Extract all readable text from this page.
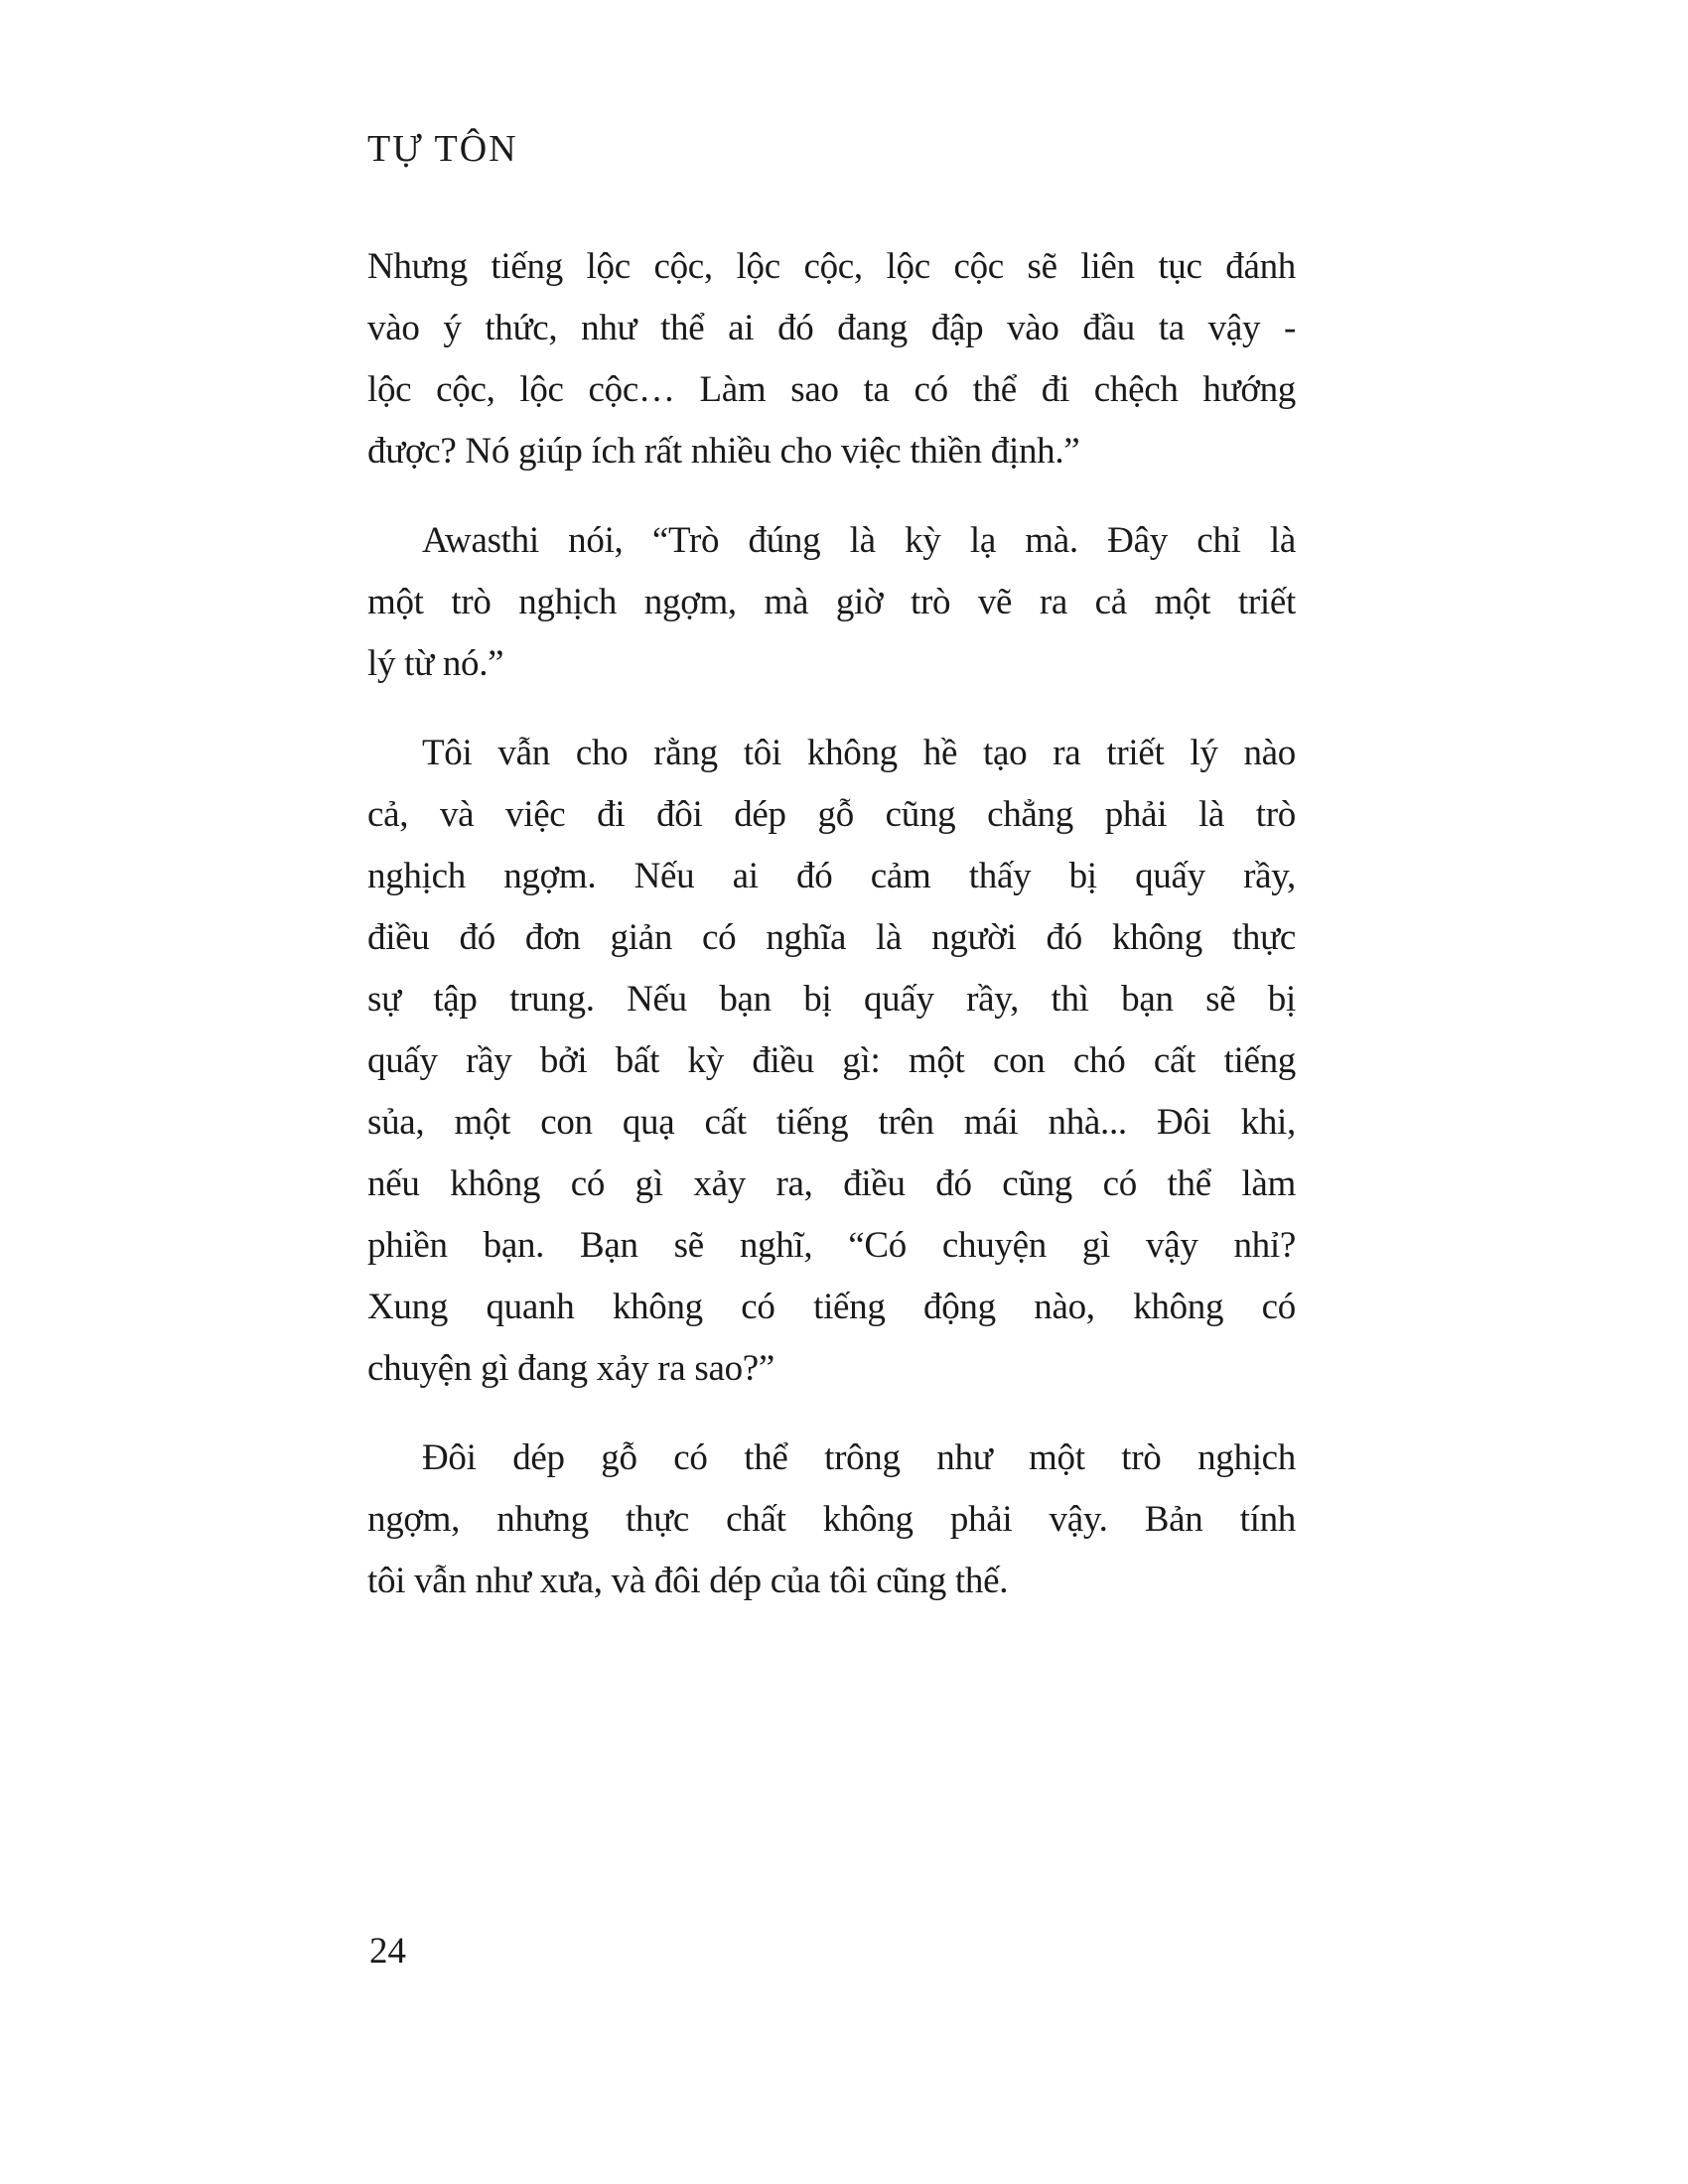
TỰ TÔN
Nhưng tiếng lộc cộc, lộc cộc, lộc cộc sẽ liên tục đánh
vào ý thức, như thể ai đó đang đập vào đầu ta vậy -
lộc cộc, lộc cộc… Làm sao ta có thể đi chệch hướng
được? Nó giúp ích rất nhiều cho việc thiền định.”
Awasthi nói, “Trò đúng là kỳ lạ mà. Đây chỉ là
một trò nghịch ngợm, mà giờ trò vẽ ra cả một triết
lý từ nó.”
Tôi vẫn cho rằng tôi không hề tạo ra triết lý nào
cả, và việc đi đôi dép gỗ cũng chẳng phải là trò
nghịch ngợm. Nếu ai đó cảm thấy bị quấy rầy,
điều đó đơn giản có nghĩa là người đó không thực
sự tập trung. Nếu bạn bị quấy rầy, thì bạn sẽ bị
quấy rầy bởi bất kỳ điều gì: một con chó cất tiếng
sủa, một con quạ cất tiếng trên mái nhà... Đôi khi,
nếu không có gì xảy ra, điều đó cũng có thể làm
phiền bạn. Bạn sẽ nghĩ, “Có chuyện gì vậy nhỉ?
Xung quanh không có tiếng động nào, không có
chuyện gì đang xảy ra sao?”
Đôi dép gỗ có thể trông như một trò nghịch
ngợm, nhưng thực chất không phải vậy. Bản tính
tôi vẫn như xưa, và đôi dép của tôi cũng thế.
24
